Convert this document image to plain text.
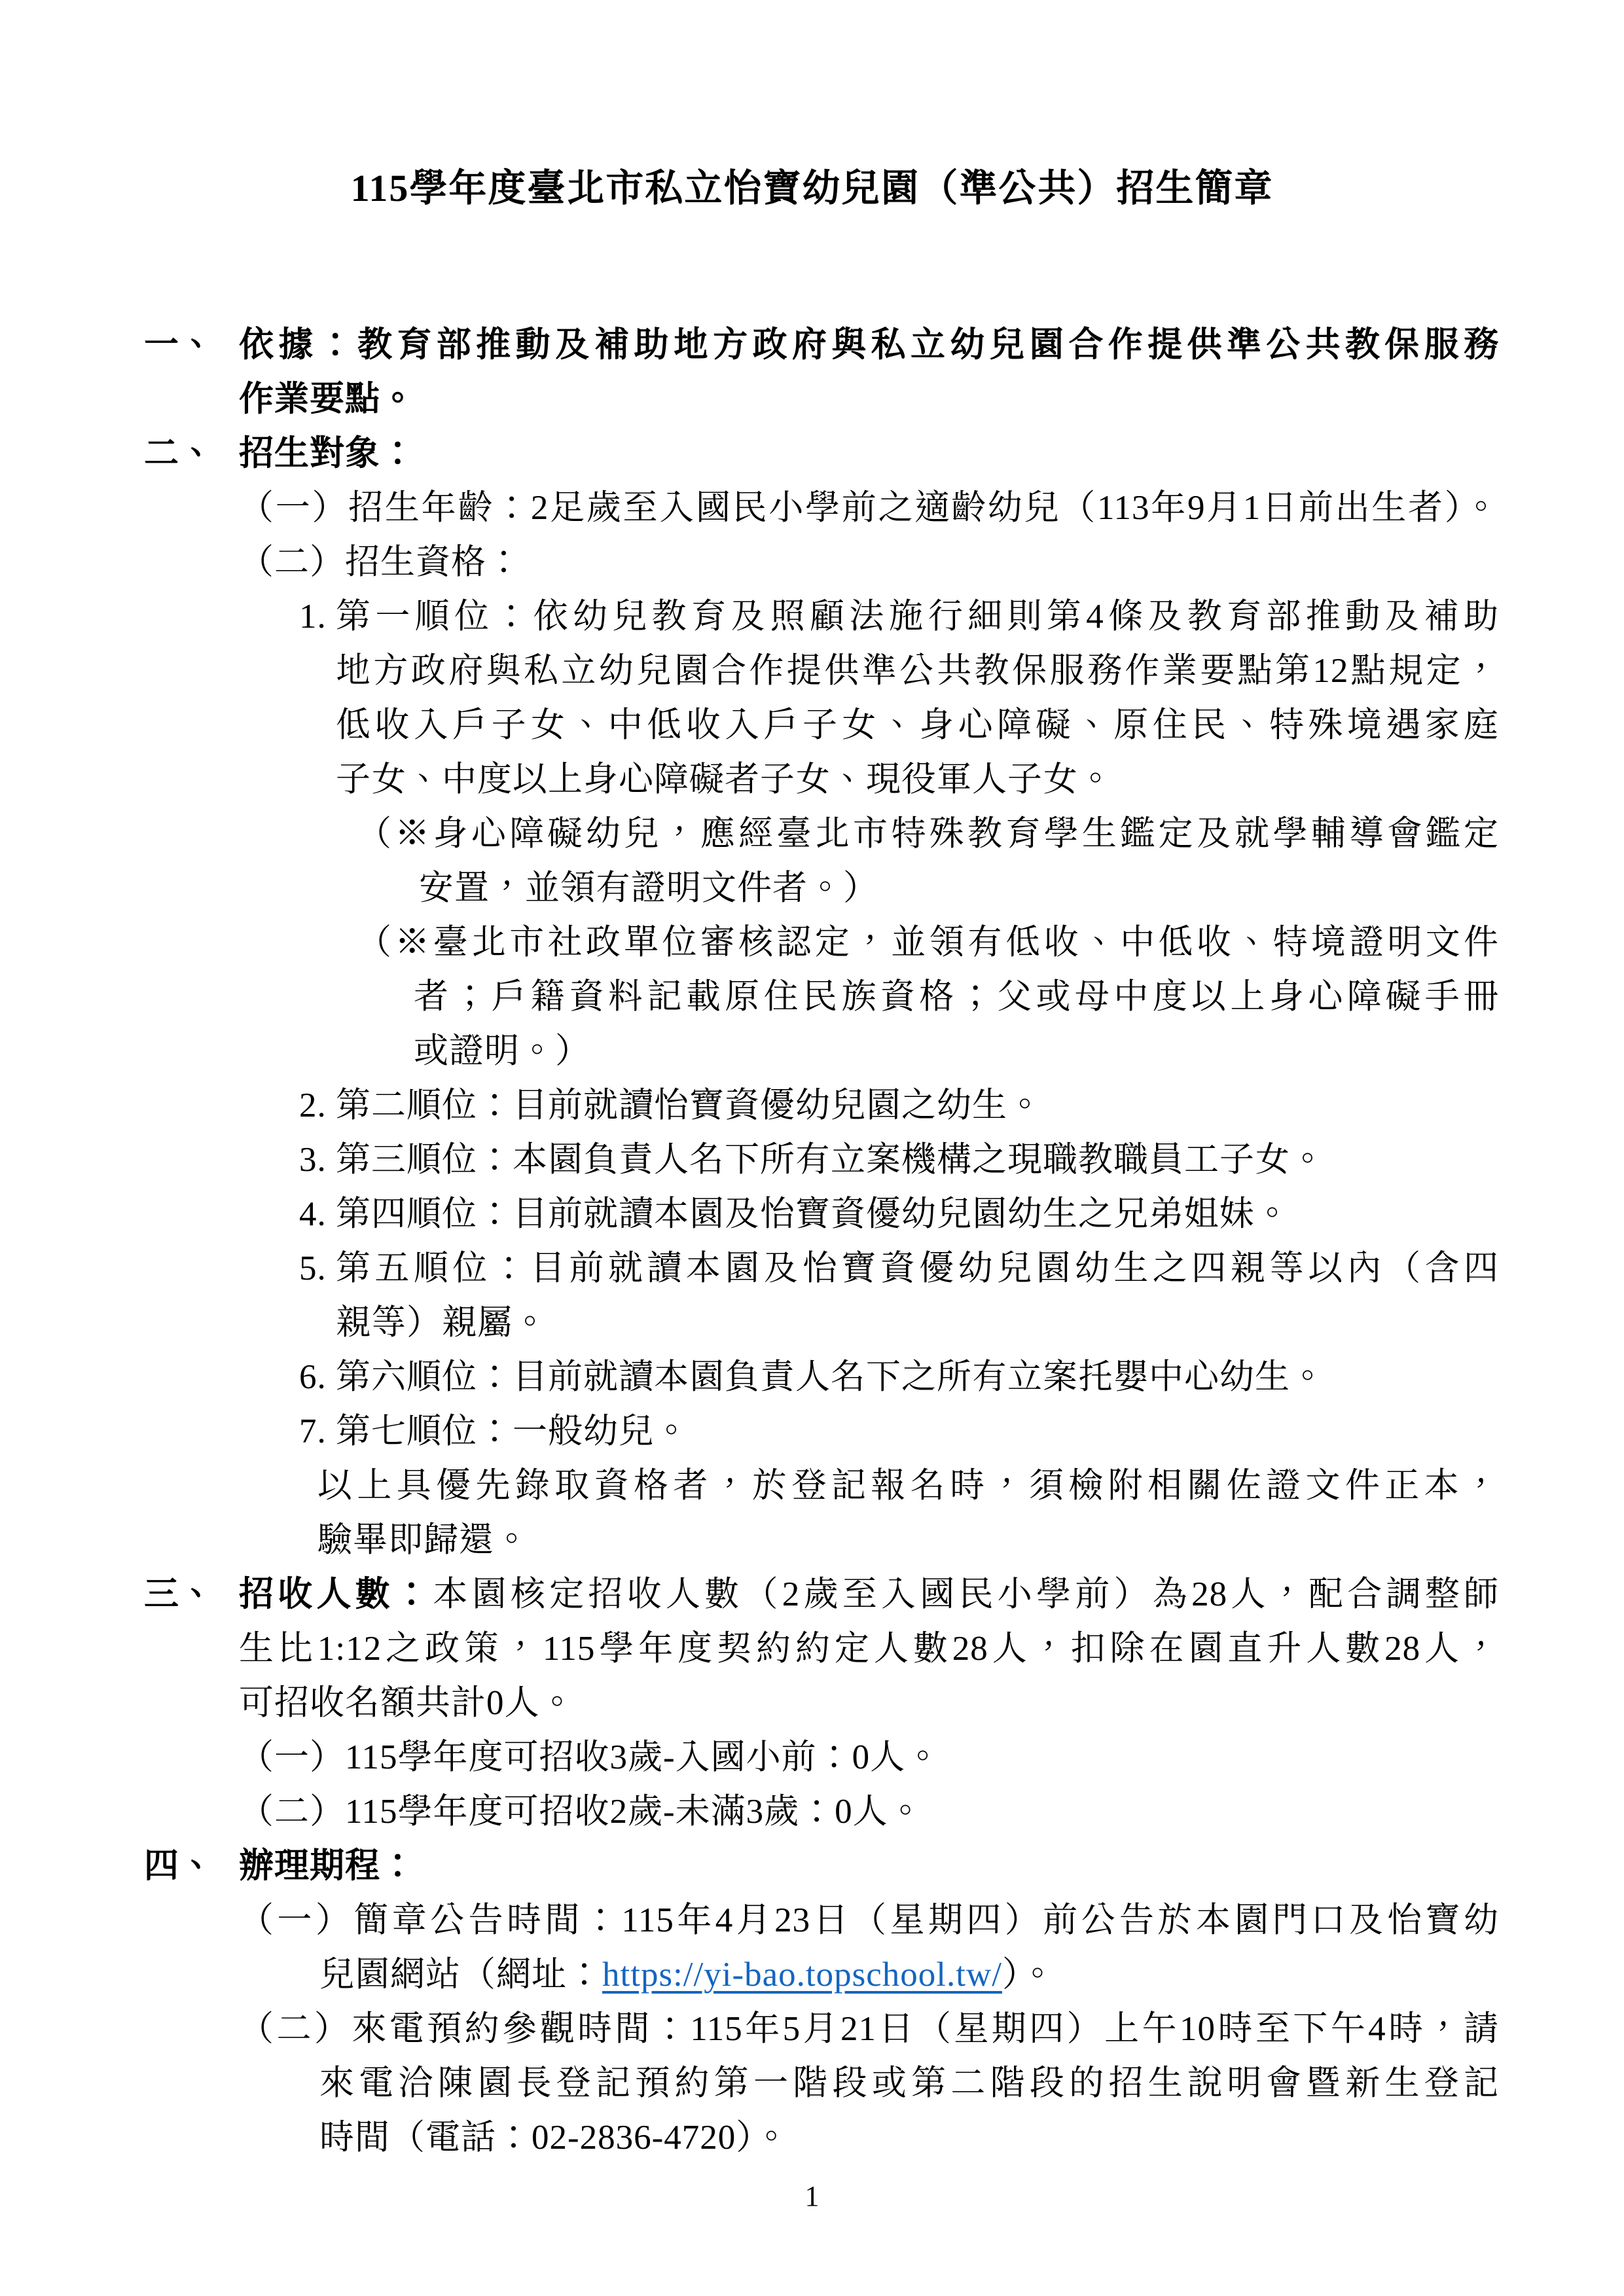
115學年度臺北市私立怡寶幼兒園（準公共）招生簡章
一、 依據：教育部推動及補助地方政府與私立幼兒園合作提供準公共教保服務
作業要點。
二、 招生對象：
（一）招生年齡：2足歲至入國民小學前之適齡幼兒（113年9月1日前出生者）。
（二）招生資格：
1. 第一順位：依幼兒教育及照顧法施行細則第4條及教育部推動及補助
地方政府與私立幼兒園合作提供準公共教保服務作業要點第12點規定，
低收入戶子女、中低收入戶子女、身心障礙、原住民、特殊境遇家庭
子女、中度以上身心障礙者子女、現役軍人子女。
（※身心障礙幼兒，應經臺北市特殊教育學生鑑定及就學輔導會鑑定
安置，並領有證明文件者。）
（※臺北市社政單位審核認定，並領有低收、中低收、特境證明文件
者；戶籍資料記載原住民族資格；父或母中度以上身心障礙手冊
或證明。）
2. 第二順位：目前就讀怡寶資優幼兒園之幼生。
3. 第三順位：本園負責人名下所有立案機構之現職教職員工子女。
4. 第四順位：目前就讀本園及怡寶資優幼兒園幼生之兄弟姐妹。
5. 第五順位：目前就讀本園及怡寶資優幼兒園幼生之四親等以內（含四
親等）親屬。
6. 第六順位：目前就讀本園負責人名下之所有立案托嬰中心幼生。
7. 第七順位：一般幼兒。
以上具優先錄取資格者，於登記報名時，須檢附相關佐證文件正本，
驗畢即歸還。
三、 招收人數：本園核定招收人數（2歲至入國民小學前）為28人，配合調整師
生比1:12之政策，115學年度契約約定人數28人，扣除在園直升人數28人，
可招收名額共計0人。
（一）115學年度可招收3歲-入國小前：0人。
（二）115學年度可招收2歲-未滿3歲：0人。
四、 辦理期程：
（一）簡章公告時間：115年4月23日（星期四）前公告於本園門口及怡寶幼
兒園網站（網址：https://yi-bao.topschool.tw/）。
（二）來電預約參觀時間：115年5月21日（星期四）上午10時至下午4時，請
來電洽陳園長登記預約第一階段或第二階段的招生說明會暨新生登記
時間（電話：02-2836-4720）。
1
